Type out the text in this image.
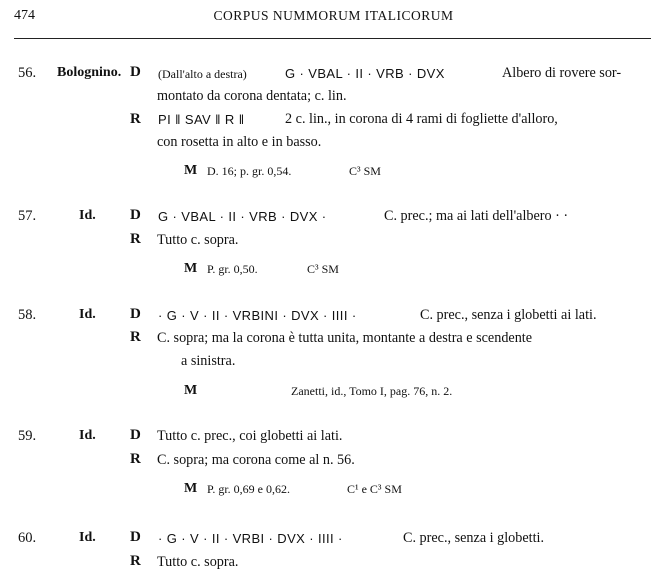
474	CORPUS NUMMORUM ITALICORUM
56. Bolognino. D (Dall'alto a destra)	G · VBAL · II · VRB · DVX	Albero di rovere sor-
montato da corona dentata; c. lin.
R PI ‖ SAV ‖ R ‖	2 c. lin., in corona di 4 rami di fogliette d'alloro,
con rosetta in alto e in basso.
M D. 16; p. gr. 0,54.	C³ SM
57.	Id. D G · VBAL · II · VRB · DVX ·	C. prec.; ma ai lati dell'albero · ·
R Tutto c. sopra.
M P. gr. 0,50.	C³ SM
58.	Id. D · G · V · II · VRBINI · DVX · IIII ·	C. prec., senza i globetti ai lati.
R C. sopra; ma la corona è tutta unita, montante a destra e scendente
a sinistra.
M	Zanetti, id., Tomo I, pag. 76, n. 2.
59.	Id. D Tutto c. prec., coi globetti ai lati.
R C. sopra; ma corona come al n. 56.
M P. gr. 0,69 e 0,62.	C¹ e C³ SM
60.	Id. D · G · V · II · VRBI · DVX · IIII ·	C. prec., senza i globetti.
R Tutto c. sopra.
